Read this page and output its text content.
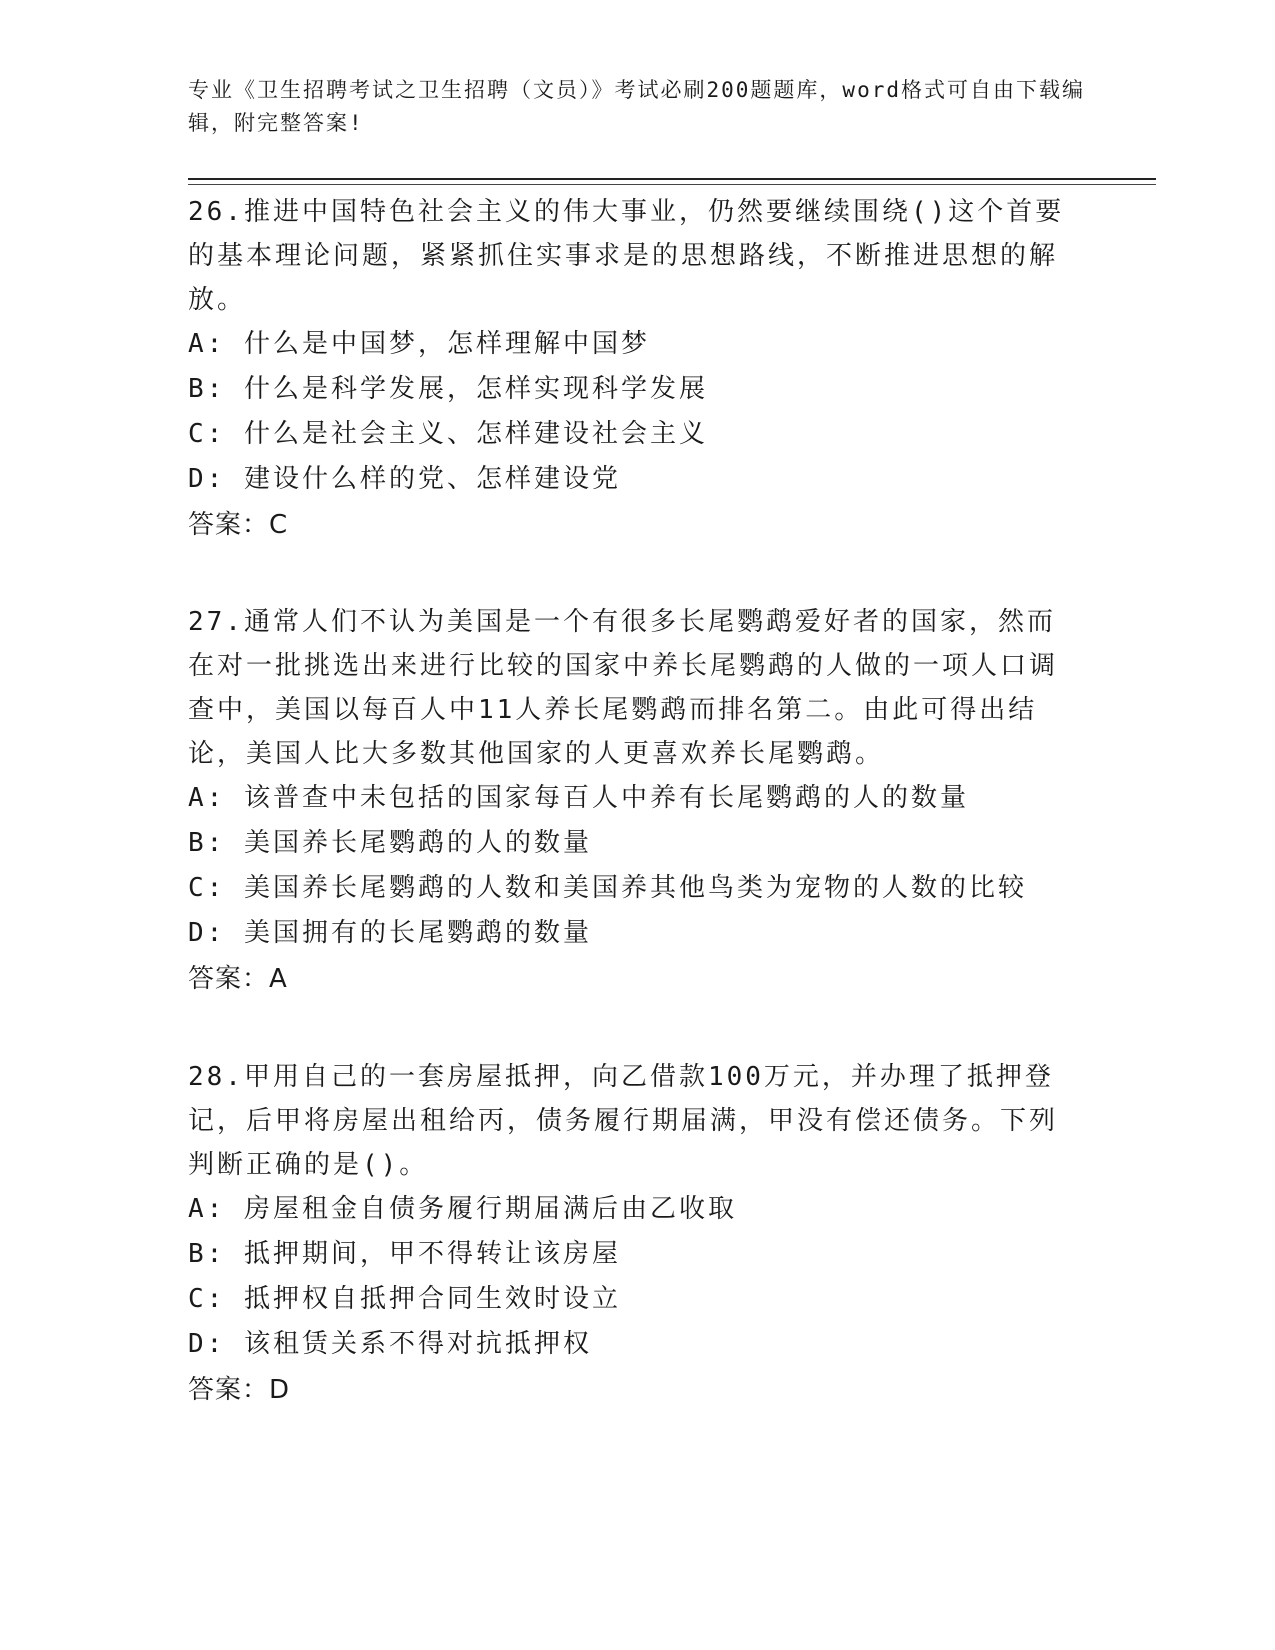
专业《卫生招聘考试之卫生招聘（文员）》考试必刷200题题库，word格式可自由下载编辑，附完整答案!

26.推进中国特色社会主义的伟大事业，仍然要继续围绕()这个首要的基本理论问题，紧紧抓住实事求是的思想路线，不断推进思想的解放。

A: 什么是中国梦，怎样理解中国梦

B: 什么是科学发展，怎样实现科学发展

C: 什么是社会主义、怎样建设社会主义

D: 建设什么样的党、怎样建设党

答案：C

27.通常人们不认为美国是一个有很多长尾鹦鹉爱好者的国家，然而在对一批挑选出来进行比较的国家中养长尾鹦鹉的人做的一项人口调查中，美国以每百人中11人养长尾鹦鹉而排名第二。由此可得出结论，美国人比大多数其他国家的人更喜欢养长尾鹦鹉。

A: 该普查中未包括的国家每百人中养有长尾鹦鹉的人的数量

B: 美国养长尾鹦鹉的人的数量

C: 美国养长尾鹦鹉的人数和美国养其他鸟类为宠物的人数的比较

D: 美国拥有的长尾鹦鹉的数量

答案：A

28.甲用自己的一套房屋抵押，向乙借款100万元，并办理了抵押登记，后甲将房屋出租给丙，债务履行期届满，甲没有偿还债务。下列判断正确的是()。

A: 房屋租金自债务履行期届满后由乙收取

B: 抵押期间，甲不得转让该房屋

C: 抵押权自抵押合同生效时设立

D: 该租赁关系不得对抗抵押权

答案：D
